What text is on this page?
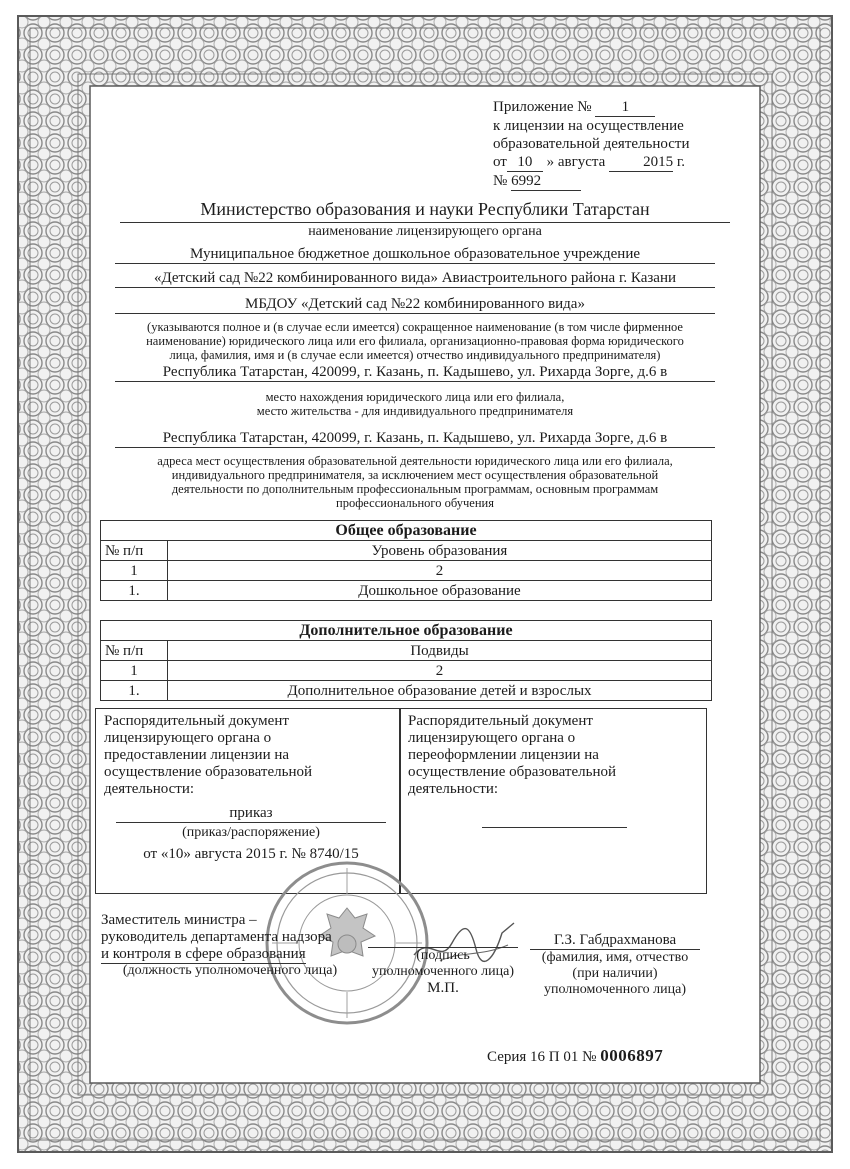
Приложение № 1
к лицензии на осуществление
образовательной деятельности
от 10 » августа	2015 г.
№ 6992
Министерство образования и науки Республики Татарстан
наименование лицензирующего органа
Муниципальное бюджетное дошкольное образовательное учреждение
«Детский сад №22 комбинированного вида» Авиастроительного района г. Казани
МБДОУ «Детский сад №22 комбинированного вида»
(указываются полное и (в случае если имеется) сокращенное наименование (в том числе фирменное
наименование) юридического лица или его филиала, организационно-правовая форма юридического
лица, фамилия, имя и (в случае если имеется) отчество индивидуального предпринимателя)
Республика Татарстан, 420099, г. Казань, п. Кадышево, ул. Рихарда Зорге, д.6 в
место нахождения юридического лица или его филиала,
место жительства - для индивидуального предпринимателя
Республика Татарстан, 420099, г. Казань, п. Кадышево, ул. Рихарда Зорге, д.6 в
адреса мест осуществления образовательной деятельности юридического лица или его филиала,
индивидуального предпринимателя, за исключением мест осуществления образовательной
деятельности по дополнительным профессиональным программам, основным программам
профессионального обучения
Общее образование	
№ п/п	Уровень образования
1	2
1.	Дошкольное образование
Дополнительное образование	
№ п/п	Подвиды
1	2
1.	Дополнительное образование детей и взрослых
Распорядительный документ
лицензирующего органа о
предоставлении лицензии на
осуществление образовательной
деятельности:
приказ
(приказ/распоряжение)
от «10» августа 2015 г. № 8740/15
Распорядительный документ
лицензирующего органа о
переоформлении лицензии на
осуществление образовательной
деятельности:
Заместитель министра –
руководитель департамента надзора
и контроля в сфере образования
(должность уполномоченного лица)
(подпись
уполномоченного лица)
М.П.
Г.З. Габдрахманова
(фамилия, имя, отчество
(при наличии)
уполномоченного лица)
Серия 16 П 01 № 0006897
